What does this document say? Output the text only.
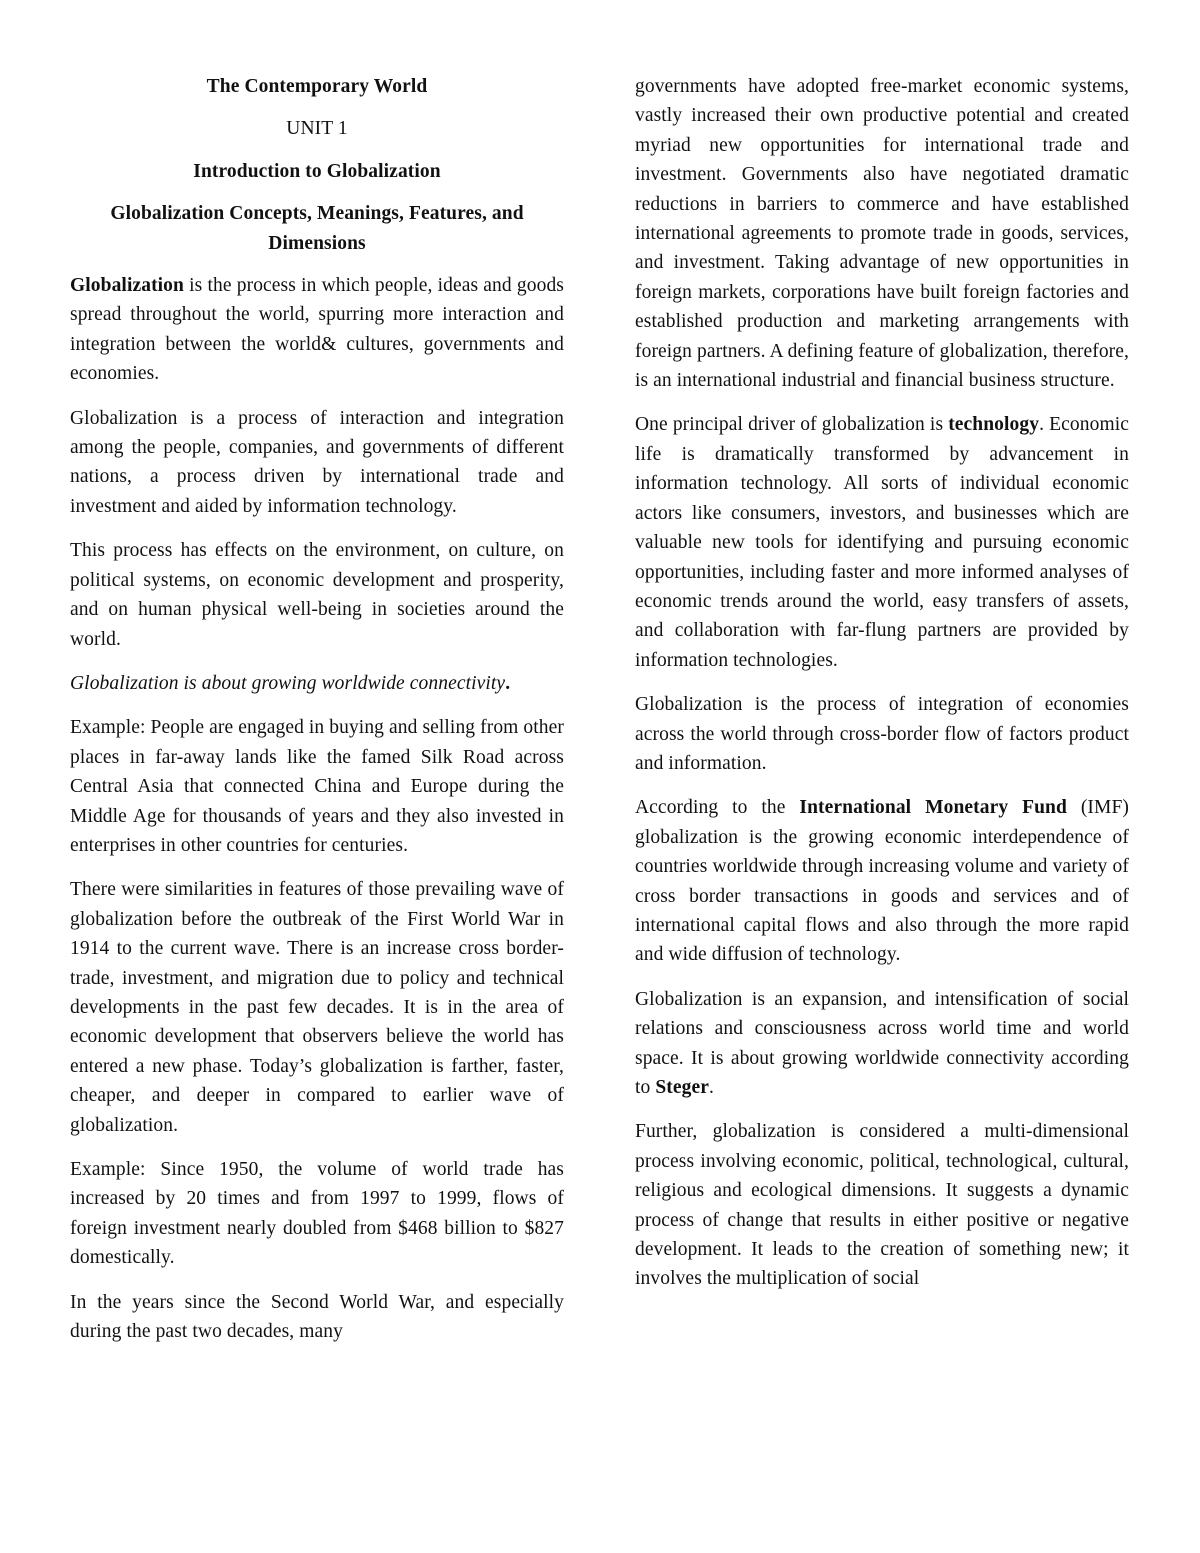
The Contemporary World
UNIT 1
Introduction to Globalization
Globalization Concepts, Meanings, Features, and Dimensions

Globalization is the process in which people, ideas and goods spread throughout the world, spurring more interaction and integration between the world& cultures, governments and economies.

Globalization is a process of interaction and integration among the people, companies, and governments of different nations, a process driven by international trade and investment and aided by information technology.

This process has effects on the environment, on culture, on political systems, on economic development and prosperity, and on human physical well-being in societies around the world.

Globalization is about growing worldwide connectivity.

Example: People are engaged in buying and selling from other places in far-away lands like the famed Silk Road across Central Asia that connected China and Europe during the Middle Age for thousands of years and they also invested in enterprises in other countries for centuries.

There were similarities in features of those prevailing wave of globalization before the outbreak of the First World War in 1914 to the current wave. There is an increase cross border- trade, investment, and migration due to policy and technical developments in the past few decades. It is in the area of economic development that observers believe the world has entered a new phase. Today’s globalization is farther, faster, cheaper, and deeper in compared to earlier wave of globalization.

Example: Since 1950, the volume of world trade has increased by 20 times and from 1997 to 1999, flows of foreign investment nearly doubled from $468 billion to $827 domestically.

In the years since the Second World War, and especially during the past two decades, many

governments have adopted free-market economic systems, vastly increased their own productive potential and created myriad new opportunities for international trade and investment. Governments also have negotiated dramatic reductions in barriers to commerce and have established international agreements to promote trade in goods, services, and investment. Taking advantage of new opportunities in foreign markets, corporations have built foreign factories and established production and marketing arrangements with foreign partners. A defining feature of globalization, therefore, is an international industrial and financial business structure.

One principal driver of globalization is technology. Economic life is dramatically transformed by advancement in information technology. All sorts of individual economic actors like consumers, investors, and businesses which are valuable new tools for identifying and pursuing economic opportunities, including faster and more informed analyses of economic trends around the world, easy transfers of assets, and collaboration with far-flung partners are provided by information technologies.

Globalization is the process of integration of economies across the world through cross-border flow of factors product and information.

According to the International Monetary Fund (IMF) globalization is the growing economic interdependence of countries worldwide through increasing volume and variety of cross border transactions in goods and services and of international capital flows and also through the more rapid and wide diffusion of technology.

Globalization is an expansion, and intensification of social relations and consciousness across world time and world space. It is about growing worldwide connectivity according to Steger.

Further, globalization is considered a multi-dimensional process involving economic, political, technological, cultural, religious and ecological dimensions. It suggests a dynamic process of change that results in either positive or negative development. It leads to the creation of something new; it involves the multiplication of social
